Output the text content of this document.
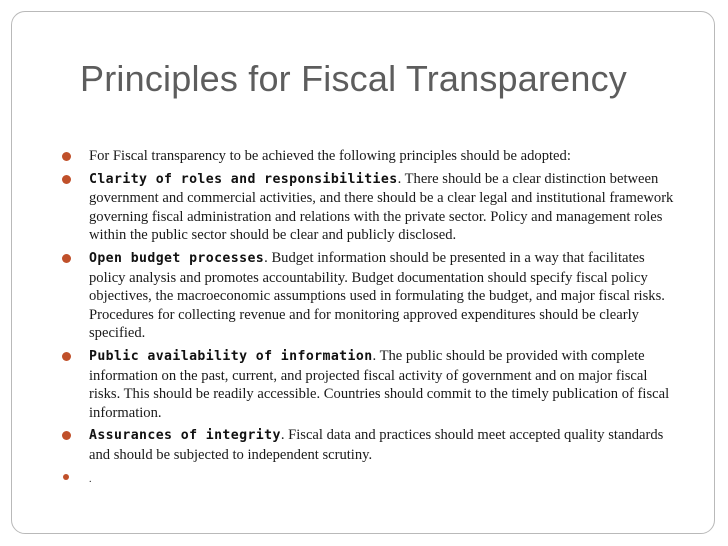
Principles for Fiscal Transparency
For Fiscal transparency to be achieved the following principles should be adopted:
Clarity of roles and responsibilities. There should be a clear distinction between government and commercial activities, and there should be a clear legal and institutional framework governing fiscal administration and relations with the private sector. Policy and management roles within the public sector should be clear and publicly disclosed.
Open budget processes. Budget information should be presented in a way that facilitates policy analysis and promotes accountability. Budget documentation should specify fiscal policy objectives, the macroeconomic assumptions used in formulating the budget, and major fiscal risks. Procedures for collecting revenue and for monitoring approved expenditures should be clearly specified.
Public availability of information. The public should be provided with complete information on the past, current, and projected fiscal activity of government and on major fiscal risks. This should be readily accessible. Countries should commit to the timely publication of fiscal information.
Assurances of integrity. Fiscal data and practices should meet accepted quality standards and should be subjected to independent scrutiny.
.
